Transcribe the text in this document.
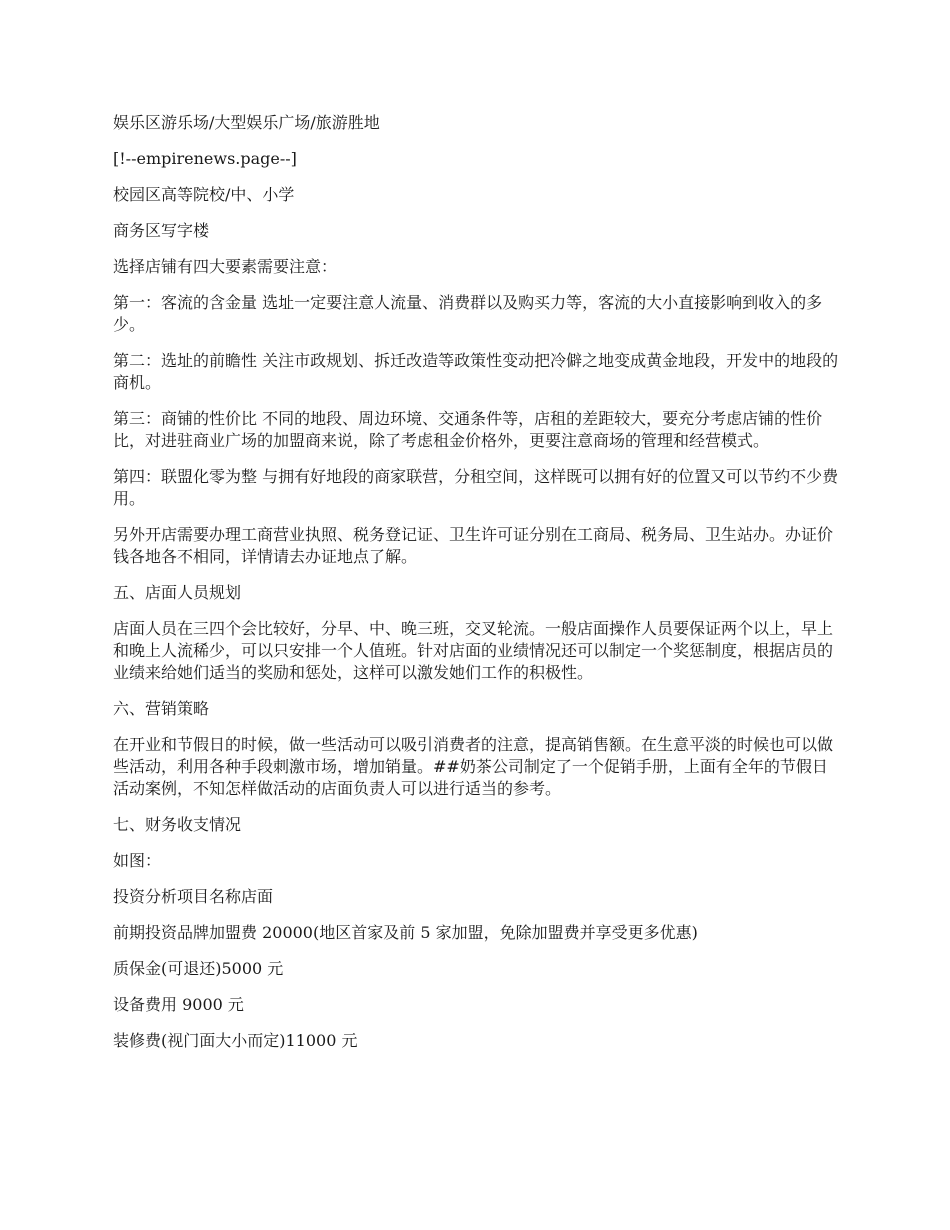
娱乐区游乐场/大型娱乐广场/旅游胜地

[!--empirenews.page--]

校园区高等院校/中、小学

商务区写字楼

选择店铺有四大要素需要注意：

第一：客流的含金量 选址一定要注意人流量、消费群以及购买力等，客流的大小直接影响到收入的多少。

第二：选址的前瞻性 关注市政规划、拆迁改造等政策性变动把冷僻之地变成黄金地段，开发中的地段的商机。

第三：商铺的性价比 不同的地段、周边环境、交通条件等，店租的差距较大，要充分考虑店铺的性价比，对进驻商业广场的加盟商来说，除了考虑租金价格外，更要注意商场的管理和经营模式。

第四：联盟化零为整 与拥有好地段的商家联营，分租空间，这样既可以拥有好的位置又可以节约不少费用。

另外开店需要办理工商营业执照、税务登记证、卫生许可证分别在工商局、税务局、卫生站办。办证价钱各地各不相同，详情请去办证地点了解。

五、店面人员规划

店面人员在三四个会比较好，分早、中、晚三班，交叉轮流。一般店面操作人员要保证两个以上，早上和晚上人流稀少，可以只安排一个人值班。针对店面的业绩情况还可以制定一个奖惩制度，根据店员的业绩来给她们适当的奖励和惩处，这样可以激发她们工作的积极性。

六、营销策略

在开业和节假日的时候，做一些活动可以吸引消费者的注意，提高销售额。在生意平淡的时候也可以做些活动，利用各种手段刺激市场，增加销量。##奶茶公司制定了一个促销手册，上面有全年的节假日活动案例，不知怎样做活动的店面负责人可以进行适当的参考。

七、财务收支情况

如图：

投资分析项目名称店面

前期投资品牌加盟费 20000(地区首家及前 5 家加盟，免除加盟费并享受更多优惠)

质保金(可退还)5000 元

设备费用 9000 元

装修费(视门面大小而定)11000 元
